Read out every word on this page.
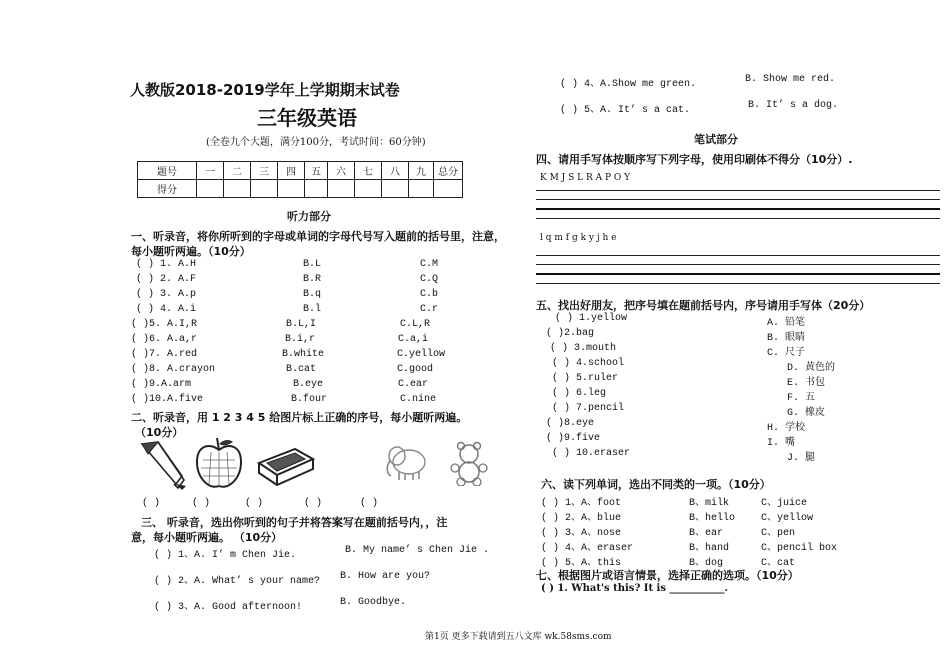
人教版2018-2019学年上学期期末试卷
三年级英语
(全卷九个大题，满分100分，考试时间：60分钟)
题号	一	二	三	四	五	六	七	八	九	总分
得分										
听力部分
一、听录音，将你所听到的字母或单词的字母代号写入题前的括号里，注意，
每小题听两遍。（10分）
( ) 1. A.H	B.L	C.M
( ) 2. A.F	B.R	C.Q
( ) 3. A.p	B.q	C.b
( ) 4. A.i	B.l	C.r
( )5. A.I,R	B.L,I	C.L,R
( )6. A.a,r	B.i,r	C.a,i
( )7. A.red	B.white	C.yellow
( )8. A.crayon	B.cat	C.good
( )9.A.arm	B.eye	C.ear
( )10.A.five	B.four	C.nine
二、听录音，用 1 2 3 4 5 给图片标上正确的序号，每小题听两遍。
（10分）
( )	( )	( )	( )	( )
三、 听录音，选出你听到的句子并将答案写在题前括号内，，注
意，每小题听两遍。 （10分）
( ) 1、A. I’ m Chen Jie.	B. My name’ s Chen Jie .
( ) 2、A. What’ s your name? B. How are you?
( ) 3、A. Good afternoon!	B. Goodbye.
( ) 4、A.Show me green.	B. Show me red.
( ) 5、A. It’ s a cat.	B. It’ s a dog.
笔试部分
四、请用手写体按顺序写下列字母，使用印刷体不得分（10分）.
K M J S L R A P O Y
l q m f g k y j h e
五、找出好朋友，把序号填在题前括号内，序号请用手写体（20分）
( ) 1.yellow
( )2.bag
( ) 3.mouth
( ) 4.school
( ) 5.ruler
( ) 6.leg
( ) 7.pencil
( )8.eye
( )9.five
( ) 10.eraser
A. 铅笔
B. 眼睛
C. 尺子
D. 黄色的
E. 书包
F. 五
G. 橡皮
H. 学校
I. 嘴
J. 腿
六、读下列单词，选出不同类的一项。（10分）
( ) 1、A、foot	B、milk	C、juice
( ) 2、A、blue	B、hello	C、yellow
( ) 3、A、nose	B、ear	C、pen
( ) 4、A、eraser	B、hand	C、pencil box
( ) 5、A、this	B、dog	C、cat
七、根据图片或语言情景，选择正确的选项。（10分）
( ) 1. What's this? It is ___________.
第1页 更多下载请到五八文库 wk.58sms.com
